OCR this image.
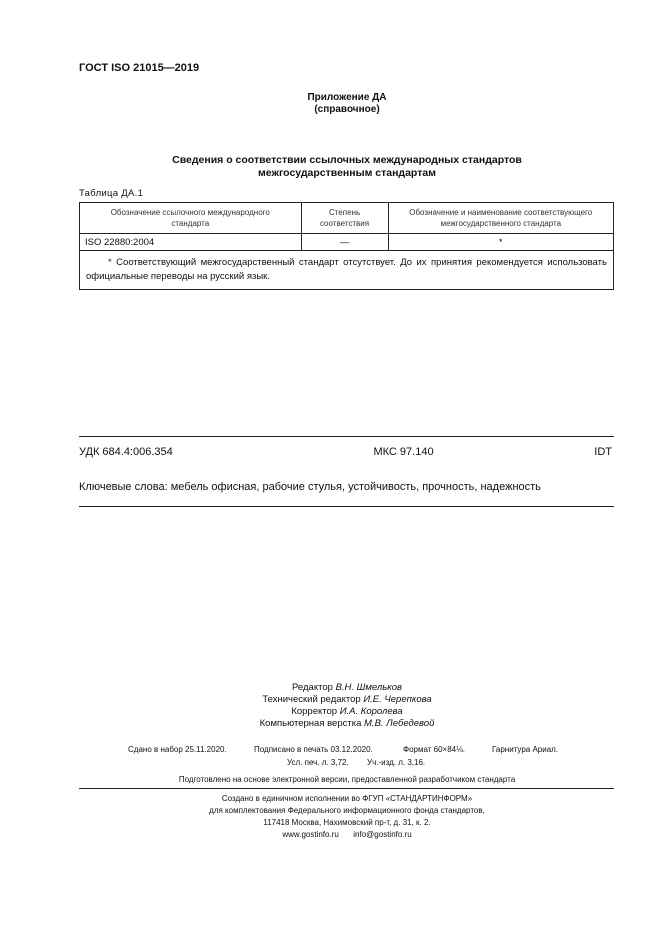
ГОСТ ISO 21015—2019
Приложение ДА
(справочное)
Сведения о соответствии ссылочных международных стандартов
межгосударственным стандартам
Таблица ДА.1
Обозначение ссылочного международного стандарта	Степень соответствия	Обозначение и наименование соответствующего межгосударственного стандарта
ISO 22880:2004	—	*
* Соответствующий межгосударственный стандарт отсутствует. До их принятия рекомендуется использовать официальные переводы на русский язык.		
УДК 684.4:006.354	МКС 97.140	IDT
Ключевые слова: мебель офисная, рабочие стулья, устойчивость, прочность, надежность
Редактор В.Н. Шмельков
Технический редактор И.Е. Черепкова
Корректор И.А. Королева
Компьютерная верстка М.В. Лебедевой
Сдано в набор 25.11.2020.	Подписано в печать 03.12.2020.	Формат 60×84⅛.	Гарнитура Ариал.
Усл. печ. л. 3,72. Уч.-изд. л. 3,16.
Подготовлено на основе электронной версии, предоставленной разработчиком стандарта
Создано в единичном исполнении во ФГУП «СТАНДАРТИНФОРМ»
для комплектования Федерального информационного фонда стандартов,
117418 Москва, Нахимовский пр-т, д. 31, к. 2.
www.gostinfo.ru info@gostinfo.ru
